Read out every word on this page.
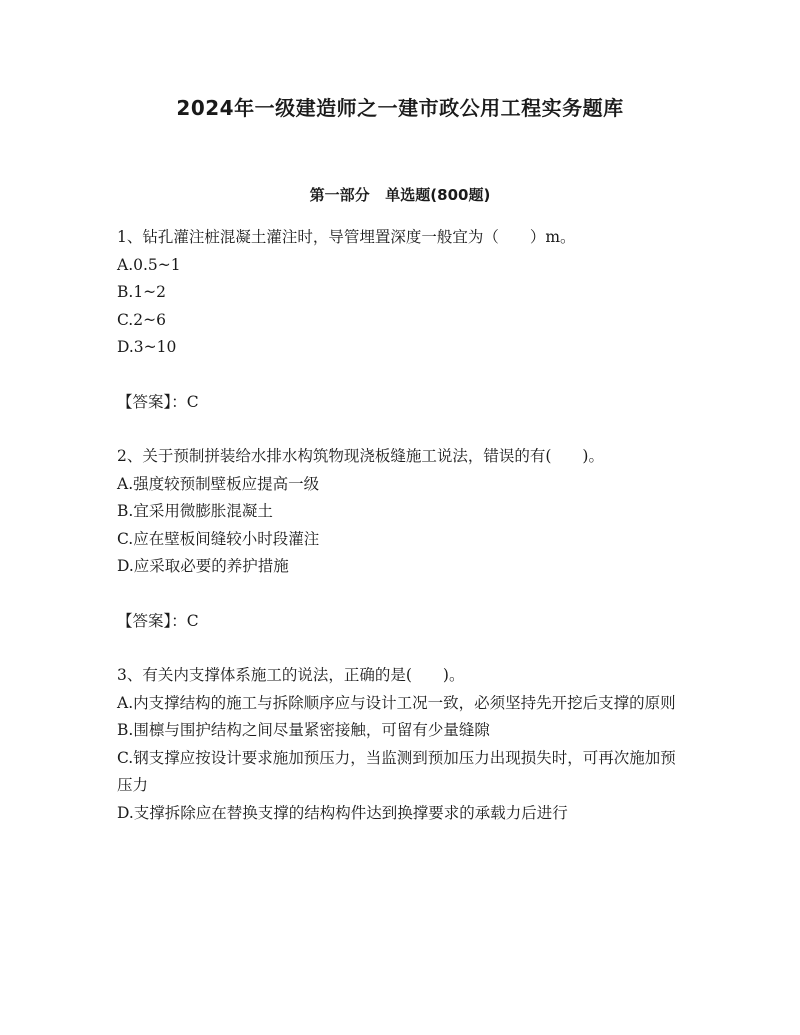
2024年一级建造师之一建市政公用工程实务题库
第一部分   单选题(800题)
1、钻孔灌注桩混凝土灌注时，导管埋置深度一般宜为（　　）m。
A.0.5~1
B.1~2
C.2~6
D.3~10
【答案】：C
2、关于预制拼装给水排水构筑物现浇板缝施工说法，错误的有(　　)。
A.强度较预制壁板应提高一级
B.宜采用微膨胀混凝土
C.应在壁板间缝较小时段灌注
D.应采取必要的养护措施
【答案】：C
3、有关内支撑体系施工的说法，正确的是(　　)。
A.内支撑结构的施工与拆除顺序应与设计工况一致，必须坚持先开挖后支撑的原则
B.围檩与围护结构之间尽量紧密接触，可留有少量缝隙
C.钢支撑应按设计要求施加预压力，当监测到预加压力出现损失时，可再次施加预压力
D.支撑拆除应在替换支撑的结构构件达到换撑要求的承载力后进行
